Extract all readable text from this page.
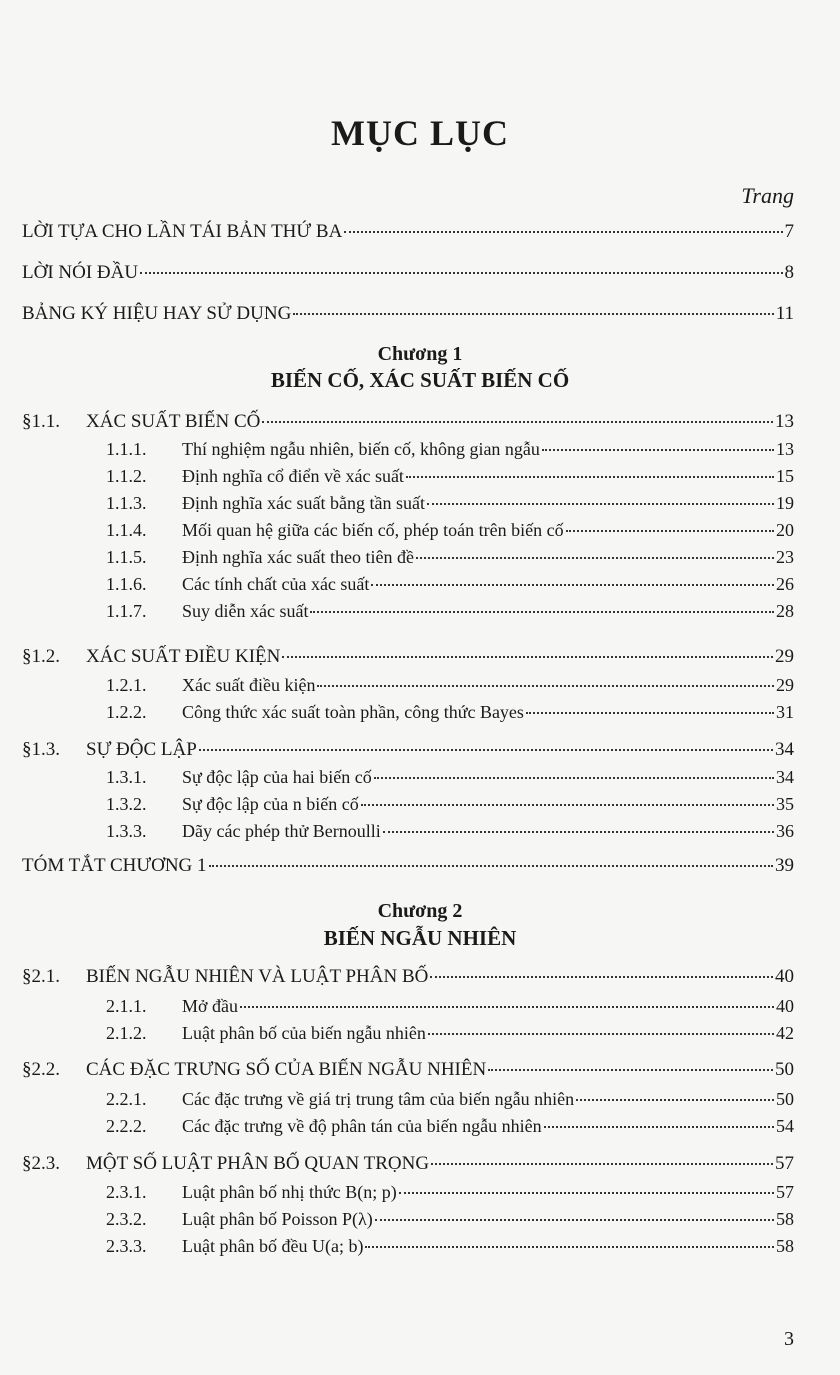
MỤC LỤC
Trang
LỜI TỰA CHO LẦN TÁI BẢN THỨ BA	7
LỜI NÓI ĐẦU	8
BẢNG KÝ HIỆU HAY SỬ DỤNG	11
Chương 1
BIẾN CỐ, XÁC SUẤT BIẾN CỐ
§1.1. XÁC SUẤT BIẾN CỐ	13
1.1.1. Thí nghiệm ngẫu nhiên, biến cố, không gian ngẫu	13
1.1.2. Định nghĩa cổ điển về xác suất	15
1.1.3. Định nghĩa xác suất bằng tần suất	19
1.1.4. Mối quan hệ giữa các biến cố, phép toán trên biến cố	20
1.1.5. Định nghĩa xác suất theo tiên đề	23
1.1.6. Các tính chất của xác suất	26
1.1.7. Suy diễn xác suất	28
§1.2. XÁC SUẤT ĐIỀU KIỆN	29
1.2.1. Xác suất điều kiện	29
1.2.2. Công thức xác suất toàn phần, công thức Bayes	31
§1.3. SỰ ĐỘC LẬP	34
1.3.1. Sự độc lập của hai biến cố	34
1.3.2. Sự độc lập của n biến cố	35
1.3.3. Dãy các phép thử Bernoulli	36
TÓM TẮT CHƯƠNG 1	39
Chương 2
BIẾN NGẪU NHIÊN
§2.1. BIẾN NGẪU NHIÊN VÀ LUẬT PHÂN BỐ	40
2.1.1. Mở đầu	40
2.1.2. Luật phân bố của biến ngẫu nhiên	42
§2.2. CÁC ĐẶC TRƯNG SỐ CỦA BIẾN NGẪU NHIÊN	50
2.2.1. Các đặc trưng về giá trị trung tâm của biến ngẫu nhiên	50
2.2.2. Các đặc trưng về độ phân tán của biến ngẫu nhiên	54
§2.3. MỘT SỐ LUẬT PHÂN BỐ QUAN TRỌNG	57
2.3.1. Luật phân bố nhị thức B(n; p)	57
2.3.2. Luật phân bố Poisson P(λ)	58
2.3.3. Luật phân bố đều U(a; b)	58
3
